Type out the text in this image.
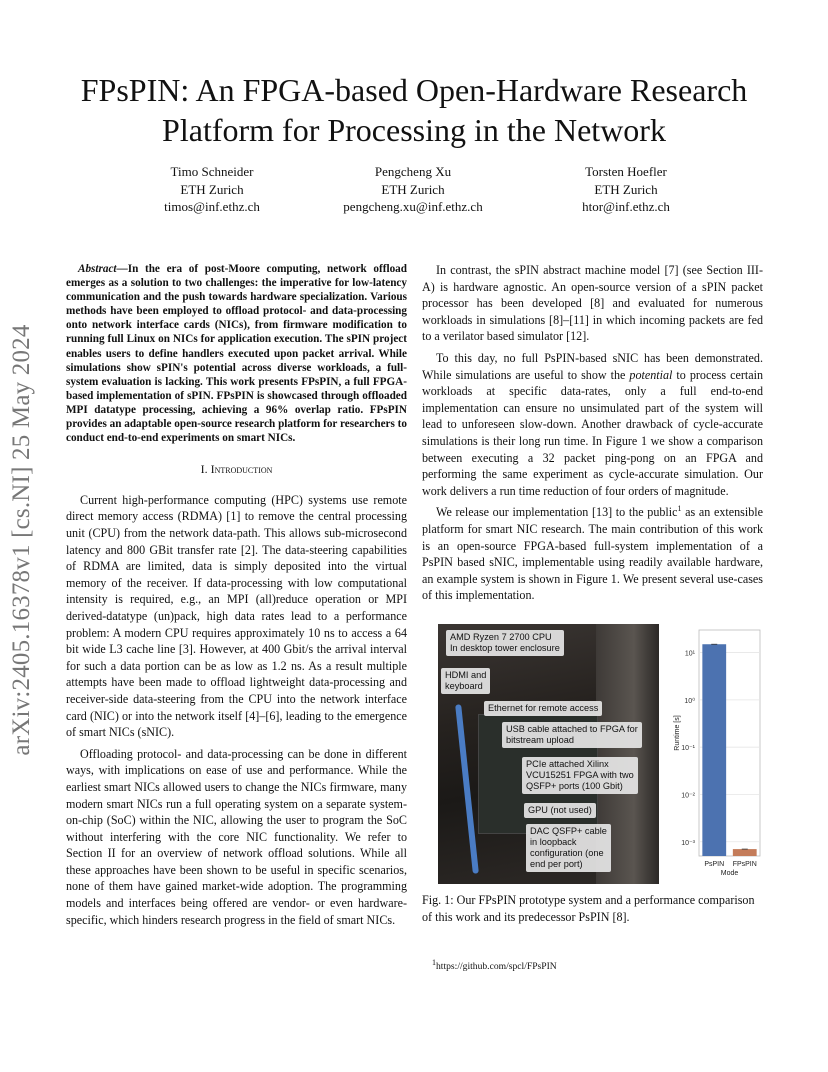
FPsPIN: An FPGA-based Open-Hardware Research
Platform for Processing in the Network
Timo Schneider
ETH Zurich
timos@inf.ethz.ch
Pengcheng Xu
ETH Zurich
pengcheng.xu@inf.ethz.ch
Torsten Hoefler
ETH Zurich
htor@inf.ethz.ch
arXiv:2405.16378v1 [cs.NI] 25 May 2024

Abstract—In the era of post-Moore computing, network offload emerges as a solution to two challenges: the imperative for low-latency communication and the push towards hardware specialization. Various methods have been employed to offload protocol- and data-processing onto network interface cards (NICs), from firmware modification to running full Linux on NICs for application execution. The sPIN project enables users to define handlers executed upon packet arrival. While simulations show sPIN's potential across diverse workloads, a full-system evaluation is lacking. This work presents FPsPIN, a full FPGA-based implementation of sPIN. FPsPIN is showcased through offloaded MPI datatype processing, achieving a 96% overlap ratio. FPsPIN provides an adaptable open-source research platform for researchers to conduct end-to-end experiments on smart NICs.

I. Introduction

Current high-performance computing (HPC) systems use remote direct memory access (RDMA) [1] to remove the central processing unit (CPU) from the network data-path. This allows sub-microsecond latency and 800 GBit transfer rate [2]. The data-steering capabilities of RDMA are limited, data is simply deposited into the virtual memory of the receiver. If data-processing with low computational intensity is required, e.g., an MPI (all)reduce operation or MPI derived-datatype (un)pack, high data rates lead to a performance problem: A modern CPU requires approximately 10 ns to access a 64 bit wide L3 cache line [3]. However, at 400 Gbit/s the arrival interval for such a data portion can be as low as 1.2 ns. As a result multiple attempts have been made to offload lightweight data-processing and receiver-side data-steering from the CPU into the network interface card (NIC) or into the network itself [4]–[6], leading to the emergence of smart NICs (sNIC).

Offloading protocol- and data-processing can be done in different ways, with implications on ease of use and performance. While the earliest smart NICs allowed users to change the NICs firmware, many modern smart NICs run a full operating system on a separate system-on-chip (SoC) within the NIC, allowing the user to program the SoC without interfering with the core NIC functionality. We refer to Section II for an overview of network offload solutions. While all these approaches have been shown to be useful in specific scenarios, none of them have gained market-wide adoption. The programming models and interfaces being offered are vendor- or even hardware-specific, which hinders research progress in the field of smart NICs.

In contrast, the sPIN abstract machine model [7] (see Section III-A) is hardware agnostic. An open-source version of a sPIN packet processor has been developed [8] and evaluated for numerous workloads in simulations [8]–[11] in which incoming packets are fed to a verilator based simulator [12].

To this day, no full PsPIN-based sNIC has been demonstrated. While simulations are useful to show the potential to process certain workloads at specific data-rates, only a full end-to-end implementation can ensure no unsimulated part of the system will lead to unforeseen slow-down. Another drawback of cycle-accurate simulations is their long run time. In Figure 1 we show a comparison between executing a 32 packet ping-pong on an FPGA and performing the same experiment as cycle-accurate simulation. Our work delivers a run time reduction of four orders of magnitude.

We release our implementation [13] to the public$^1$ as an extensible platform for smart NIC research. The main contribution of this work is an open-source FPGA-based full-system implementation of a PsPIN based sNIC, implementable using readily available hardware, an example system is shown in Figure 1. We present several use-cases of this implementation.

AMD Ryzen 7 2700 CPU
In desktop tower enclosure
HDMI and
keyboard
Ethernet for remote access
USB cable attached to FPGA for
bitstream upload
PCIe attached Xilinx
VCU15251 FPGA with two
QSFP+ ports (100 Gbit)
GPU (not used)
DAC QSFP+ cable
in loopback
configuration (one
end per port)
10¹
10⁰
10⁻¹
10⁻²
10⁻³
PsPIN FPsPIN
Mode
Runtime [s]

Fig. 1: Our FPsPIN prototype system and a performance comparison of this work and its predecessor PsPIN [8].

$^1$https://github.com/spcl/FPsPIN
